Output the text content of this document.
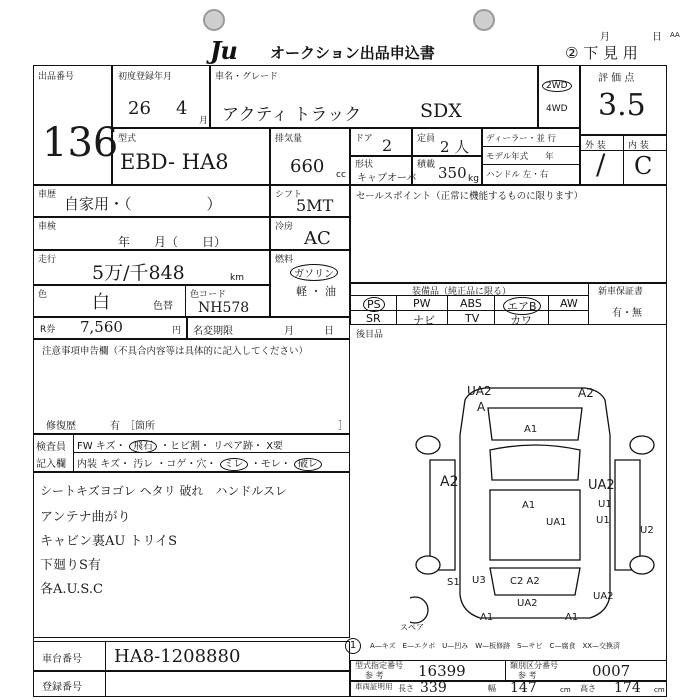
Ju オークション出品申込書
月	日 AA
② 下 見 用
出品番号
136
初度登録年月
26 4
月
車名・グレード
アクティ トラック	SDX
2WD
4WD
評 価 点
3.5
外 装 内 装
/ C
型式
EBD- HA8
排気量
660 cc
ドア 2	定員 2 人 ディーラー・並 行
モデル年式　　年
ハンドル 左・右
形状
キャブオーバ
積載 350 kg
車歴 自家用・（　　　　　）	シフト
5MT
車検
年　　月（　　日）
冷房
AC
走行
5万/千848	km
燃料
ガソリン
軽 ・ 油
色 白	色替
色コード
NH578
R券 7,560	円 名変期限	月　　　日
セールスポイント（正常に機能するものに限ります）
装備品（純正品に限る）	新車保証書
有・無
PS	PW	ABS	エアB	AW
SR	ナビ	TV	カワ
後目品
注意事項申告欄（不具合内容等は具体的に記入してください）
修復歴	有　［箇所	］
検査員
記入欄
FW キズ・ 飛石 ・ヒビ割・ リペア跡・ X要
内装 キズ・ 汚レ ・コゲ・穴・ ミレ ・モレ・ 破レ
シートキズヨゴレ ヘタリ 破れ　ハンドルスレ
アンテナ曲がり
キャビン裏AU トリイS
下廻りS有
各A.U.S.C
UA2	A2
A
A1
A2
A1
UA2
U1
UA1	U1
U2
S1 U3 C2 A2
UA2
UA2
A1	A1
スペア
A—キズ　E—エクボ　U—凹み　W—板修跡　S—サビ　C—腐食　XX—交換済
車台番号 HA8-1208880
1
登録番号
型式指定番号
参 考 16399	類別区分番号
参 考	0007
車両証明用 長さ 339	幅 147	cm 高さ 174 cm
